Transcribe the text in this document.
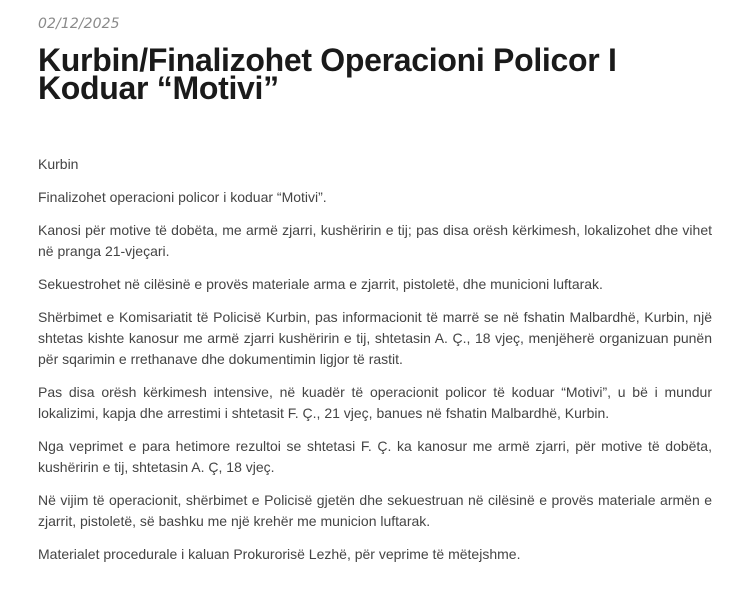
02/12/2025

Kurbin/Finalizohet Operacioni Policor I Koduar “Motivi”

Kurbin

Finalizohet operacioni policor i koduar “Motivi”.

Kanosi për motive të dobëta, me armë zjarri, kushëririn e tij; pas disa orësh kërkimesh, lokalizohet dhe vihet në pranga 21-vjeçari.

Sekuestrohet në cilësinë e provës materiale arma e zjarrit, pistoletë, dhe municioni luftarak.

Shërbimet e Komisariatit të Policisë Kurbin, pas informacionit të marrë se në fshatin Malbardhë, Kurbin, një shtetas kishte kanosur me armë zjarri kushëririn e tij, shtetasin A. Ç., 18 vjeç, menjëherë organizuan punën për sqarimin e rrethanave dhe dokumentimin ligjor të rastit.

Pas disa orësh kërkimesh intensive, në kuadër të operacionit policor të koduar “Motivi”, u bë i mundur lokalizimi, kapja dhe arrestimi i shtetasit F. Ç., 21 vjeç, banues në fshatin Malbardhë, Kurbin.

Nga veprimet e para hetimore rezultoi se shtetasi F. Ç. ka kanosur me armë zjarri, për motive të dobëta, kushëririn e tij, shtetasin A. Ç, 18 vjeç.

Në vijim të operacionit, shërbimet e Policisë gjetën dhe sekuestruan në cilësinë e provës materiale armën e zjarrit, pistoletë, së bashku me një krehër me municion luftarak.

Materialet procedurale i kaluan Prokurorisë Lezhë, për veprime të mëtejshme.
